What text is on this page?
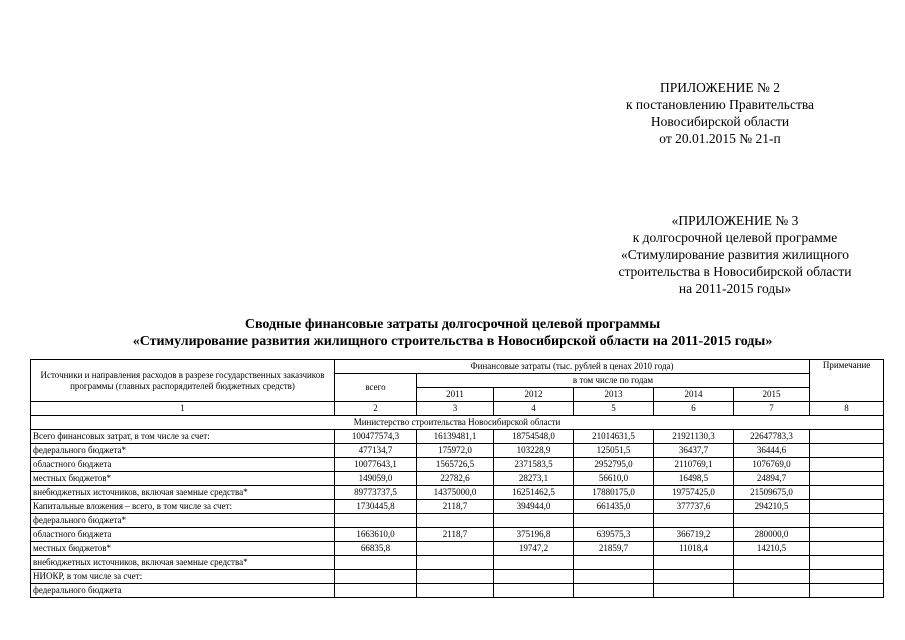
ПРИЛОЖЕНИЕ № 2
к постановлению Правительства
Новосибирской области
от 20.01.2015 № 21-п
«ПРИЛОЖЕНИЕ № 3
к долгосрочной целевой программе
«Стимулирование развития жилищного
строительства в Новосибирской области
на 2011-2015 годы»
Сводные финансовые затраты долгосрочной целевой программы
«Стимулирование развития жилищного строительства в Новосибирской области на 2011-2015 годы»
Источники и направления расходов в разрезе государственных заказчиков программы (главных распорядителей бюджетных средств)	Финансовые затраты (тыс. рублей в ценах 2010 года)						Примечание
	всего	в том числе по годам					
		2011	2012	2013	2014	2015	
1	2	3	4	5	6	7	8
Министерство строительства Новосибирской области							
Всего финансовых затрат, в том числе за счет:	100477574,3	16139481,1	18754548,0	21014631,5	21921130,3	22647783,3	
федерального бюджета*	477134,7	175972,0	103228,9	125051,5	36437,7	36444,6	
областного бюджета	10077643,1	1565726,5	2371583,5	2952795,0	2110769,1	1076769,0	
местных бюджетов*	149059,0	22782,6	28273,1	56610,0	16498,5	24894,7	
внебюджетных источников, включая заемные средства*	89773737,5	14375000,0	16251462,5	17880175,0	19757425,0	21509675,0	
Капитальные вложения – всего, в том числе за счет:	1730445,8	2118,7	394944,0	661435,0	377737,6	294210,5	
федерального бюджета*							
областного бюджета	1663610,0	2118,7	375196,8	639575,3	366719,2	280000,0	
местных бюджетов*	66835,8		19747,2	21859,7	11018,4	14210,5	
внебюджетных источников, включая заемные средства*							
НИОКР, в том числе за счет:							
федерального бюджета							
